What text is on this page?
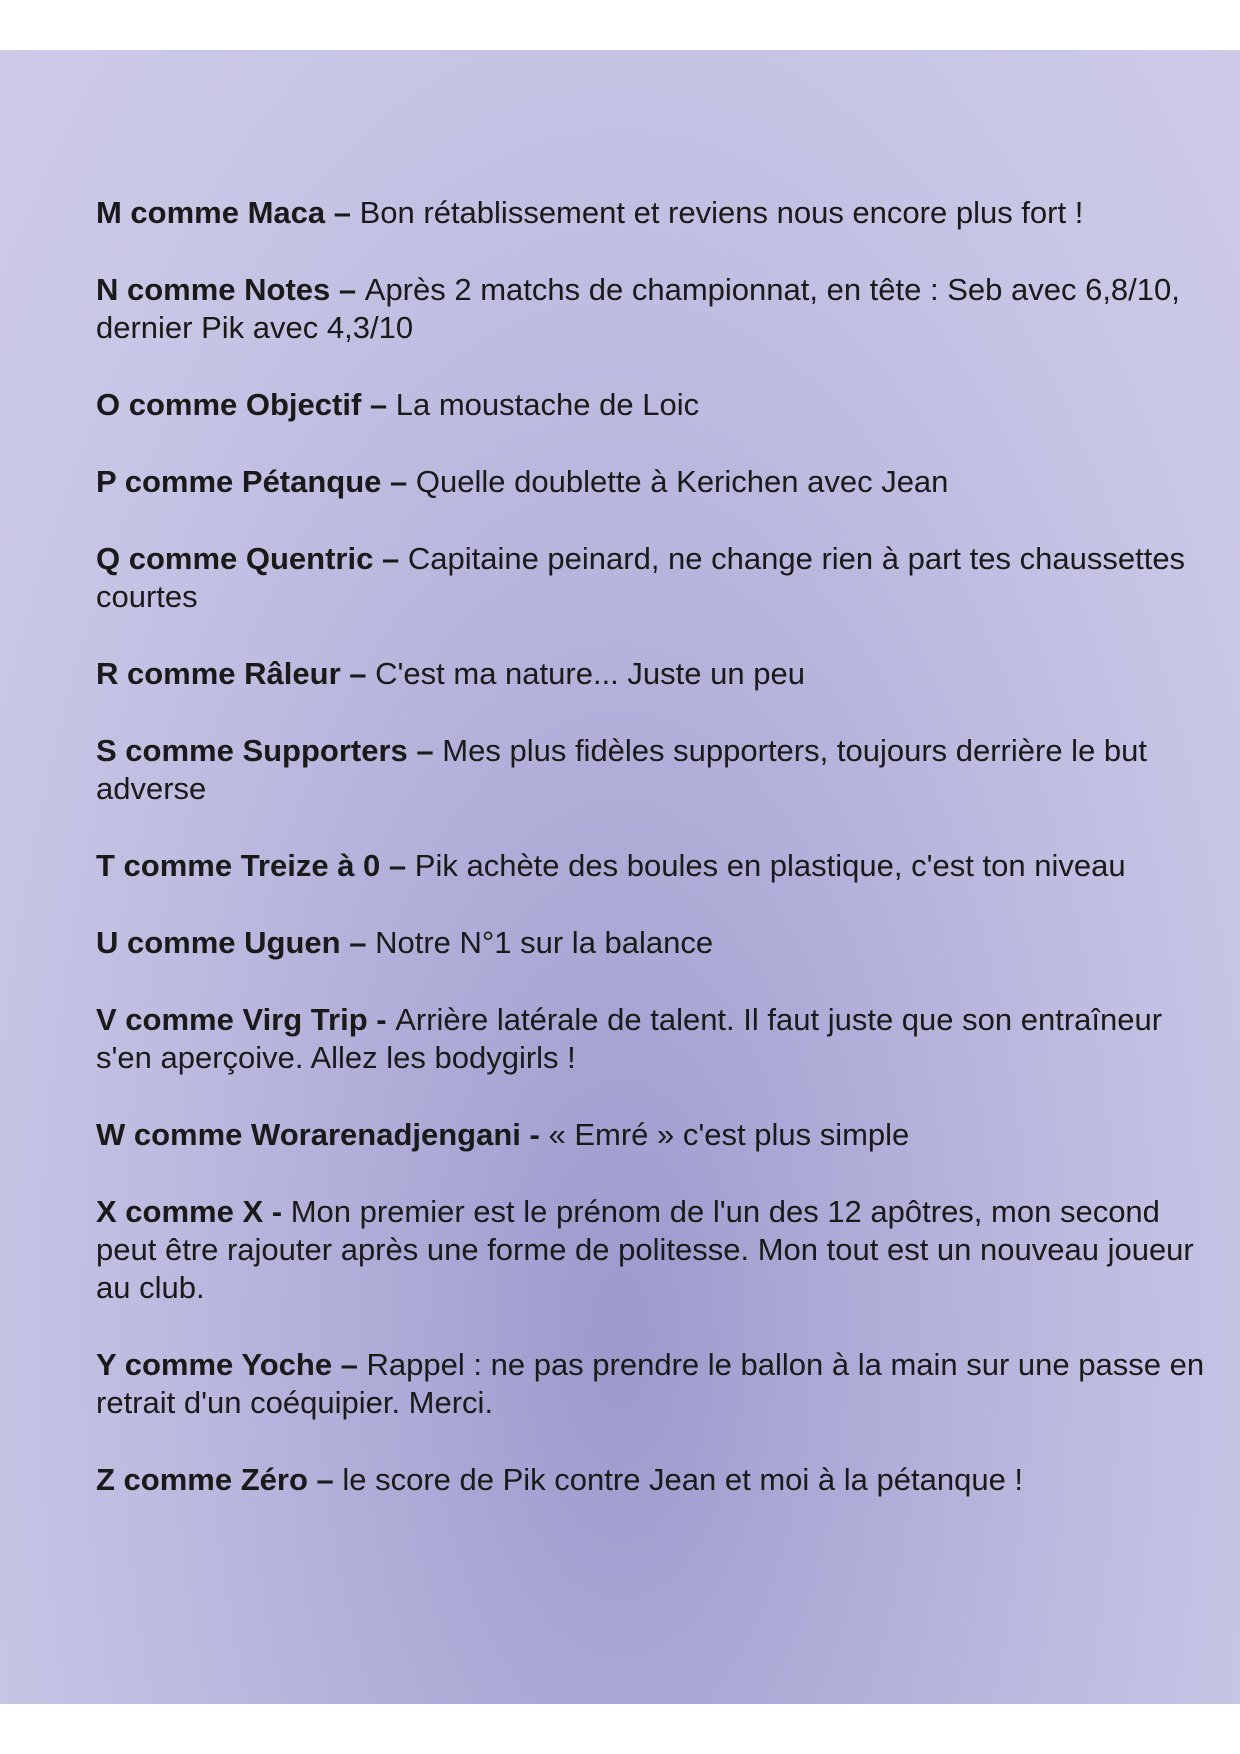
M comme Maca – Bon rétablissement et reviens nous encore plus fort !

N comme Notes – Après 2 matchs de championnat, en tête : Seb avec 6,8/10, dernier Pik avec 4,3/10

O comme Objectif – La moustache de Loic

P comme Pétanque – Quelle doublette à Kerichen avec Jean

Q comme Quentric – Capitaine peinard, ne change rien à part tes chaussettes courtes

R comme Râleur – C'est ma nature... Juste un peu

S comme Supporters – Mes plus fidèles supporters, toujours derrière le but adverse

T comme Treize à 0 – Pik achète des boules en plastique, c'est ton niveau

U comme Uguen – Notre N°1 sur la balance

V comme Virg Trip - Arrière latérale de talent. Il faut juste que son entraîneur s'en aperçoive. Allez les bodygirls !

W comme Worarenadjengani - « Emré » c'est plus simple

X comme X - Mon premier est le prénom de l'un des 12 apôtres, mon second peut être rajouter après une forme de politesse. Mon tout est un nouveau joueur au club.

Y comme Yoche – Rappel : ne pas prendre le ballon à la main sur une passe en retrait d'un coéquipier. Merci.

Z comme Zéro – le score de Pik contre Jean et moi à la pétanque !
